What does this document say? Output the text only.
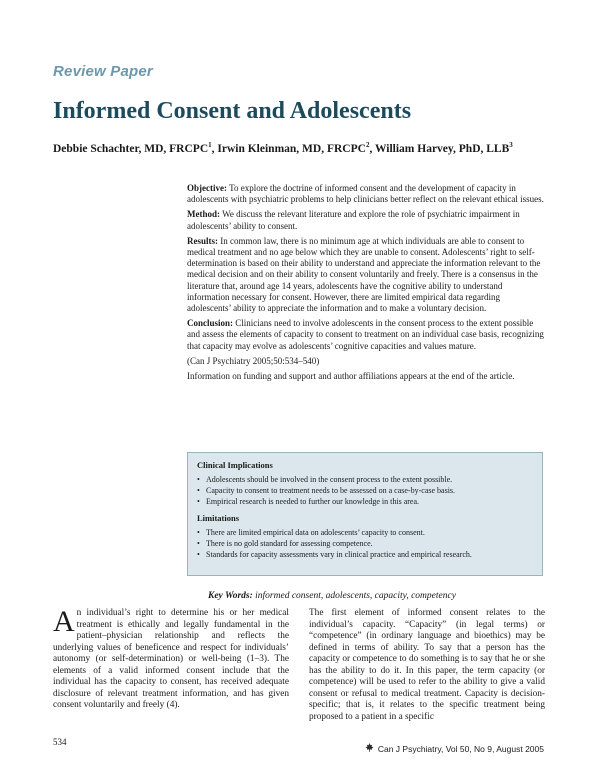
Review Paper
Informed Consent and Adolescents
Debbie Schachter, MD, FRCPC$^1$, Irwin Kleinman, MD, FRCPC$^2$, William Harvey, PhD, LLB$^3$

Objective: To explore the doctrine of informed consent and the development of capacity in adolescents with psychiatric problems to help clinicians better reflect on the relevant ethical issues.

Method: We discuss the relevant literature and explore the role of psychiatric impairment in adolescents’ ability to consent.

Results: In common law, there is no minimum age at which individuals are able to consent to medical treatment and no age below which they are unable to consent. Adolescents’ right to self-determination is based on their ability to understand and appreciate the information relevant to the medical decision and on their ability to consent voluntarily and freely. There is a consensus in the literature that, around age 14 years, adolescents have the cognitive ability to understand information necessary for consent. However, there are limited empirical data regarding adolescents’ ability to appreciate the information and to make a voluntary decision.

Conclusion: Clinicians need to involve adolescents in the consent process to the extent possible and assess the elements of capacity to consent to treatment on an individual case basis, recognizing that capacity may evolve as adolescents’ cognitive capacities and values mature.

(Can J Psychiatry 2005;50:534–540)

Information on funding and support and author affiliations appears at the end of the article.

Clinical Implications
• Adolescents should be involved in the consent process to the extent possible.
• Capacity to consent to treatment needs to be assessed on a case-by-case basis.
• Empirical research is needed to further our knowledge in this area.
Limitations
• There are limited empirical data on adolescents’ capacity to consent.
• There is no gold standard for assessing competence.
• Standards for capacity assessments vary in clinical practice and empirical research.
Key Words: informed consent, adolescents, capacity, competency
An individual’s right to determine his or her medical treatment is ethically and legally fundamental in the patient–physician relationship and reflects the underlying values of beneficence and respect for individuals’ autonomy (or self-determination) or well-being (1–3). The elements of a valid informed consent include that the individual has the capacity to consent, has received adequate disclosure of relevant treatment information, and has given consent voluntarily and freely (4).
The first element of informed consent relates to the individual’s capacity. “Capacity” (in legal terms) or “competence” (in ordinary language and bioethics) may be defined in terms of ability. To say that a person has the capacity or competence to do something is to say that he or she has the ability to do it. In this paper, the term capacity (or competence) will be used to refer to the ability to give a valid consent or refusal to medical treatment. Capacity is decision-specific; that is, it relates to the specific treatment being proposed to a patient in a specific
534
Can J Psychiatry, Vol 50, No 9, August 2005
